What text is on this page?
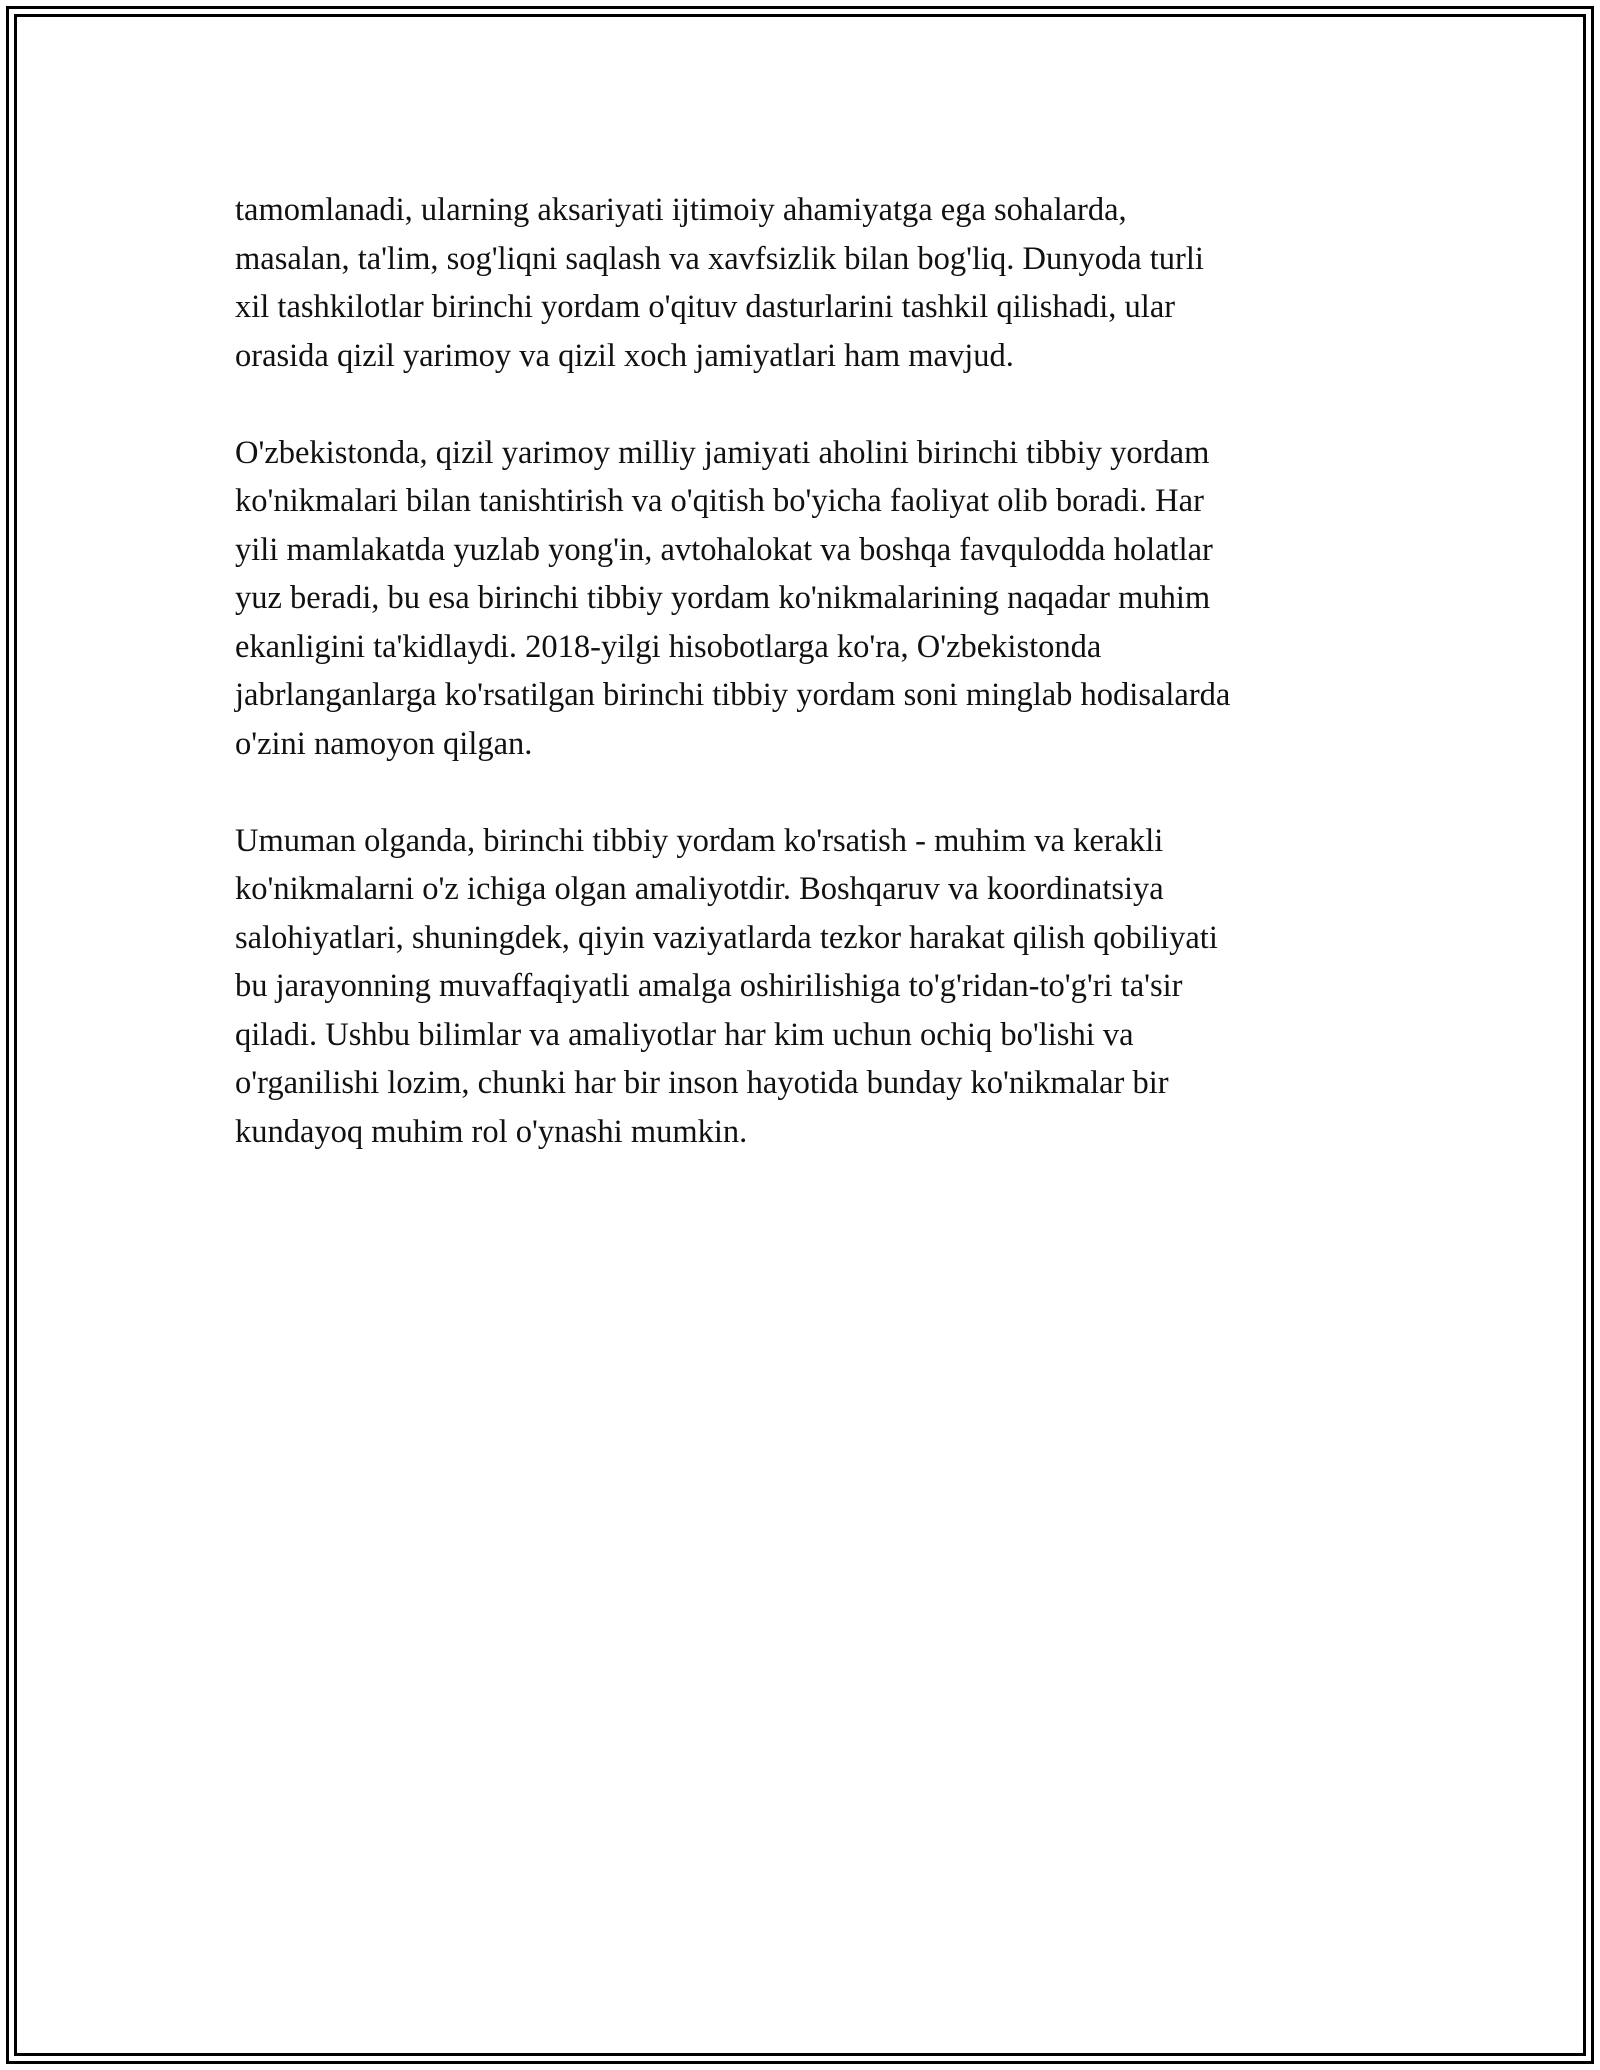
tamomlanadi, ularning aksariyati ijtimoiy ahamiyatga ega sohalarda,
masalan, ta'lim, sog'liqni saqlash va xavfsizlik bilan bog'liq. Dunyoda turli
xil tashkilotlar birinchi yordam o'qituv dasturlarini tashkil qilishadi, ular
orasida qizil yarimoy va qizil xoch jamiyatlari ham mavjud.

O'zbekistonda, qizil yarimoy milliy jamiyati aholini birinchi tibbiy yordam
ko'nikmalari bilan tanishtirish va o'qitish bo'yicha faoliyat olib boradi. Har
yili mamlakatda yuzlab yong'in, avtohalokat va boshqa favqulodda holatlar
yuz beradi, bu esa birinchi tibbiy yordam ko'nikmalarining naqadar muhim
ekanligini ta'kidlaydi. 2018-yilgi hisobotlarga ko'ra, O'zbekistonda
jabrlanganlarga ko'rsatilgan birinchi tibbiy yordam soni minglab hodisalarda
o'zini namoyon qilgan.

Umuman olganda, birinchi tibbiy yordam ko'rsatish - muhim va kerakli
ko'nikmalarni o'z ichiga olgan amaliyotdir. Boshqaruv va koordinatsiya
salohiyatlari, shuningdek, qiyin vaziyatlarda tezkor harakat qilish qobiliyati
bu jarayonning muvaffaqiyatli amalga oshirilishiga to'g'ridan-to'g'ri ta'sir
qiladi. Ushbu bilimlar va amaliyotlar har kim uchun ochiq bo'lishi va
o'rganilishi lozim, chunki har bir inson hayotida bunday ko'nikmalar bir
kundayoq muhim rol o'ynashi mumkin.
